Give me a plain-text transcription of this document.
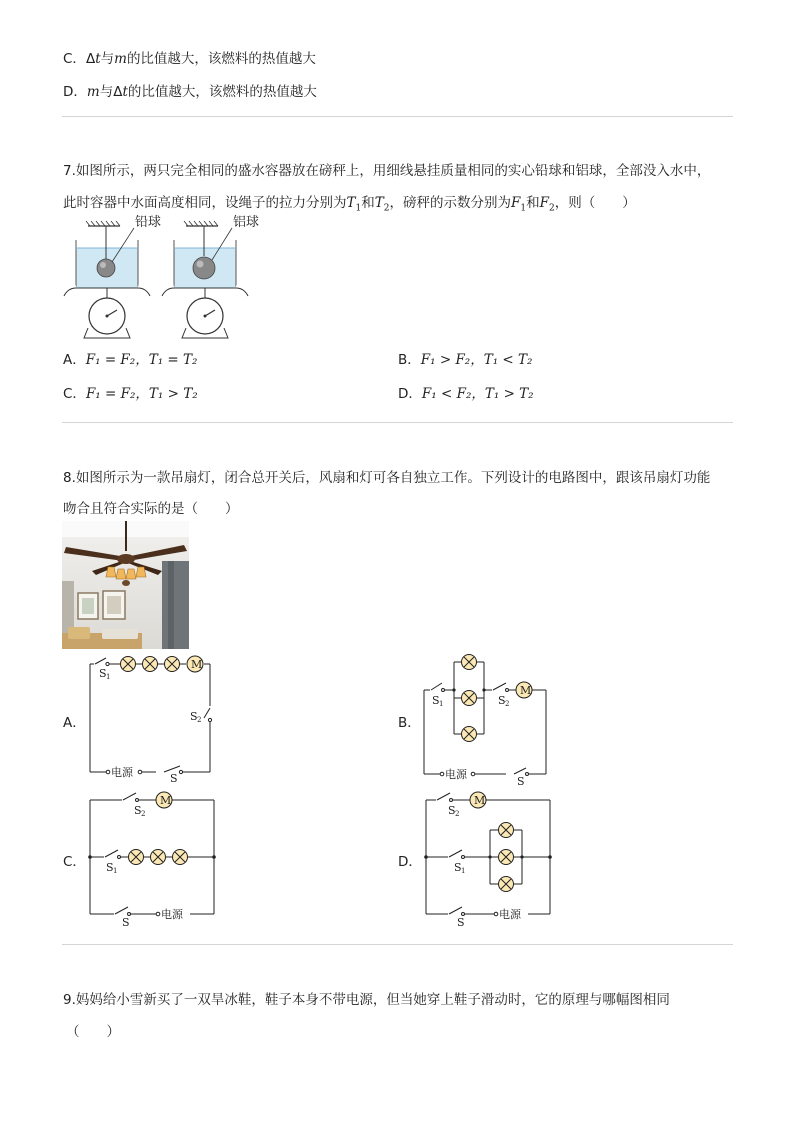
C．Δt与m的比值越大，该燃料的热值越大
D．m与Δt的比值越大，该燃料的热值越大
7.如图所示，两只完全相同的盛水容器放在磅秤上，用细线悬挂质量相同的实心铅球和铝球，全部没入水中，
此时容器中水面高度相同，设绳子的拉力分别为$T_1$和$T_2$，磅秤的示数分别为$F_1$和$F_2$，则（　　）
铅球	铝球
A．F₁ = F₂，T₁ = T₂	B．F₁ > F₂，T₁ < T₂
C．F₁ = F₂，T₁ > T₂	D．F₁ < F₂，T₁ > T₂
8.如图所示为一款吊扇灯，闭合总开关后，风扇和灯可各自独立工作。下列设计的电路图中，跟该吊扇灯功能
吻合且符合实际的是（　　）
A．
M
S 1
S 2
电源	S
B．
M
S 1	S 2
电源
S
C．
M
S 2
S 1
S
电源
D．
M
S 2
S 1
S
电源
9.妈妈给小雪新买了一双旱冰鞋，鞋子本身不带电源，但当她穿上鞋子滑动时，它的原理与哪幅图相同
（　　）
